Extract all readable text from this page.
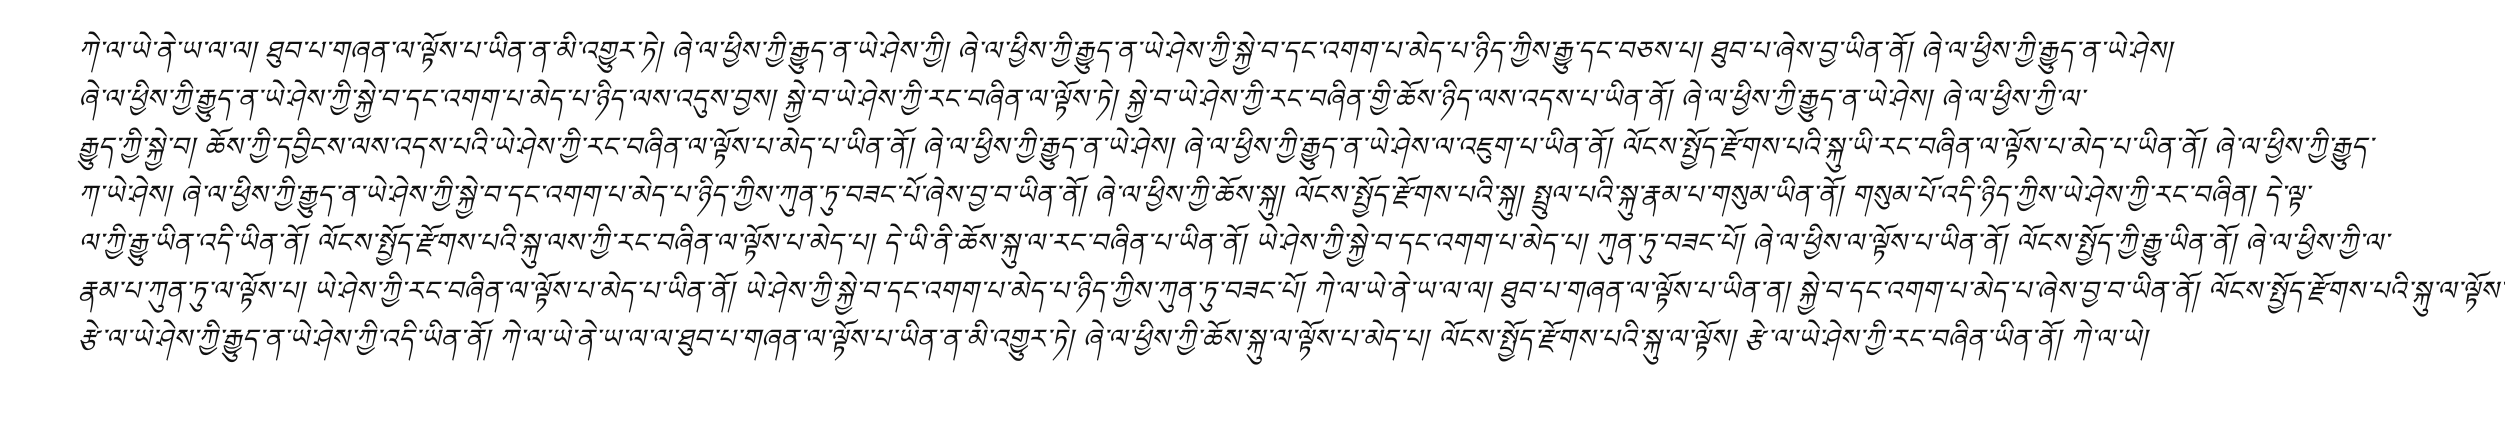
ཀེ་ལ་ཡེ་ནེ་ཡ་ལ་ལ། ཐུབ་པ་གཞན་ལ་ལྟོས་པ་ཡིན་ན་མི་འགྱུར་ཏེ། ཞེ་ལ་ཕྱིས་ཀྱི་རྒྱུད་ན་ཡེ་ཤེས་ཀྱི། ཞེ་ལ་ཕྱིས་ཀྱི་རྒྱུད་ན་ཡེ་ཤེས་ཀྱི་སྐྱེ་བ་དང་འགག་པ་མེད་པ་ཉིད་ཀྱིས་རྒྱུ་དང་བཅས་པ། ཐུབ་པ་ཞེས་བྱ་ཡིན་ནོ། ཞེ་ལ་ཕྱིས་ཀྱི་རྒྱུད་ན་ཡེ་ཤེས།
ཞེ་ལ་ཕྱིས་ཀྱི་རྒྱུད་ན་ཡེ་ཤེས་ཀྱི་སྐྱེ་བ་དང་འགག་པ་མེད་པ་ཉིད་ལས་འདུས་བྱས། སྐྱེ་བ་ཡེ་ཤེས་ཀྱི་རང་བཞིན་ལ་ལྟོས་ཏེ། སྐྱེ་བ་ཡེ་ཤེས་ཀྱི་རང་བཞིན་གྱི་ཆོས་ཉིད་ལས་འདས་པ་ཡིན་ནོ། ཞེ་ལ་ཕྱིས་ཀྱི་རྒྱུད་ན་ཡེ་ཤེས། ཞེ་ལ་ཕྱིས་ཀྱི་ལ་
རྒྱུད་ཀྱི་སྐྱེ་བ། ཆོས་ཀྱི་དབྱིངས་ལས་འདས་པའི་ཡེ་ཤེས་ཀྱི་རང་བཞིན་ལ་ལྟོས་པ་མེད་པ་ཡིན་ནོ། ཞེ་ལ་ཕྱིས་ཀྱི་རྒྱུད་ན་ཡེ་ཤེས། ཞེ་ལ་ཕྱིས་ཀྱི་རྒྱུད་ན་ཡེ་ཤེས་ལ་འཇུག་པ་ཡིན་ནོ། ལོངས་སྤྱོད་རྫོགས་པའི་སྐུ་ཡི་རང་བཞིན་ལ་ལྟོས་པ་མེད་པ་ཡིན་ནོ། ཞེ་ལ་ཕྱིས་ཀྱི་རྒྱུད་
ཀ་ཡེ་ཤེས། ཞེ་ལ་ཕྱིས་ཀྱི་རྒྱུད་ན་ཡེ་ཤེས་ཀྱི་སྐྱེ་བ་དང་འགག་པ་མེད་པ་ཉིད་ཀྱིས་ཀུན་ཏུ་བཟང་པོ་ཞེས་བྱ་བ་ཡིན་ནོ། ཞེ་ལ་ཕྱིས་ཀྱི་ཆོས་སྐུ། ལོངས་སྤྱོད་རྫོགས་པའི་སྐུ། སྤྲུལ་པའི་སྐུ་རྣམ་པ་གསུམ་ཡིན་ནོ། གསུམ་པོ་འདི་ཉིད་ཀྱིས་ཡེ་ཤེས་ཀྱི་རང་བཞིན། དེ་ལྟ་
ལ་ཀྱི་རྒྱུ་ཡིན་འདི་ཡིན་ནོ། ལོངས་སྤྱོད་རྫོགས་པའི་སྐུ་ལས་ཀྱི་རང་བཞིན་ལ་ལྟོས་པ་མེད་པ། དེ་ཡི་ནི་ཆོས་སྐུ་ལ་རང་བཞིན་པ་ཡིན་ནོ། ཡེ་ཤེས་ཀྱི་སྐྱེ་བ་དང་འགག་པ་མེད་པ། ཀུན་ཏུ་བཟང་པོ། ཞེ་ལ་ཕྱིས་ལ་ལྟོས་པ་ཡིན་ནོ། ལོངས་སྤྱོད་ཀྱི་རྒྱུ་ཡིན་ནོ། ཞེ་ལ་ཕྱིས་ཀྱི་ལ་
རྣམ་པ་ཀུན་ཏུ་ལ་ལྟོས་པ། ཡེ་ཤེས་ཀྱི་རང་བཞིན་ལ་ལྟོས་པ་མེད་པ་ཡིན་ནོ། ཡེ་ཤེས་ཀྱི་སྐྱེ་བ་དང་འགག་པ་མེད་པ་ཉིད་ཀྱིས་ཀུན་ཏུ་བཟང་པོ། ཀེ་ལ་ཡེ་ནེ་ཡ་ལ་ལ། ཐུབ་པ་གཞན་ལ་ལྟོས་པ་ཡིན་ན། སྐྱེ་བ་དང་འགག་པ་མེད་པ་ཞེས་བྱ་བ་ཡིན་ནོ། ལོངས་སྤྱོད་རྫོགས་པའི་སྐུ་ལ་ལྟོས་
རྩེ་ལ་ཡེ་ཤེས་ཀྱི་རྒྱུད་ན་ཡེ་ཤེས་ཀྱི་འདི་ཡིན་ནོ། ཀེ་ལ་ཡེ་ནེ་ཡ་ལ་ལ་ཐུབ་པ་གཞན་ལ་ལྟོས་པ་ཡིན་ན་མི་འགྱུར་ཏེ། ཞེ་ལ་ཕྱིས་ཀྱི་ཆོས་སྐུ་ལ་ལྟོས་པ་མེད་པ། ལོངས་སྤྱོད་རྫོགས་པའི་སྐུ་ལ་ལྟོས། རྩེ་ལ་ཡེ་ཤེས་ཀྱི་རང་བཞིན་ཡིན་ནོ། ཀེ་ལ་ཡེ།
